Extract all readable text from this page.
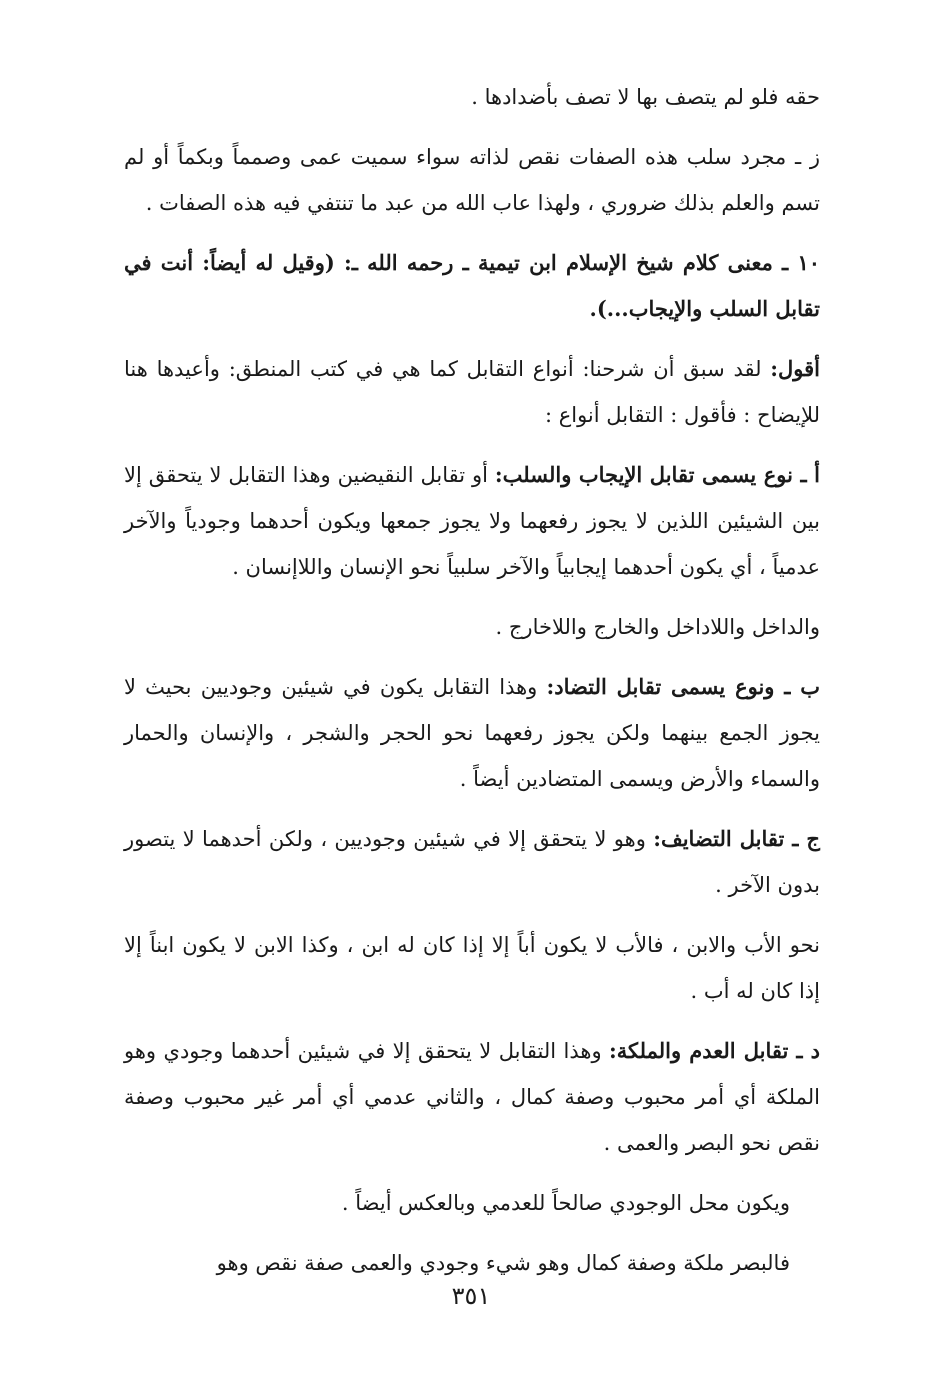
حقه فلو لم يتصف بها لا تصف بأضدادها .

ز ـ مجرد سلب هذه الصفات نقص لذاته سواء سميت عمى وصمماً وبكماً أو لم تسم والعلم بذلك ضروري ، ولهذا عاب الله من عبد ما تنتفي فيه هذه الصفات .

١٠ ـ معنى كلام شيخ الإسلام ابن تيمية ـ رحمه الله ـ: (وقيل له أيضاً: أنت في تقابل السلب والإيجاب...).

أقول: لقد سبق أن شرحنا: أنواع التقابل كما هي في كتب المنطق: وأعيدها هنا للإيضاح : فأقول : التقابل أنواع :

أ ـ نوع يسمى تقابل الإيجاب والسلب: أو تقابل النقيضين وهذا التقابل لا يتحقق إلا بين الشيئين اللذين لا يجوز رفعهما ولا يجوز جمعها ويكون أحدهما وجودياً والآخر عدمياً ، أي يكون أحدهما إيجابياً والآخر سلبياً نحو الإنسان واللاإنسان .

والداخل واللاداخل والخارج واللاخارج .

ب ـ ونوع يسمى تقابل التضاد: وهذا التقابل يكون في شيئين وجوديين بحيث لا يجوز الجمع بينهما ولكن يجوز رفعهما نحو الحجر والشجر ، والإنسان والحمار والسماء والأرض ويسمى المتضادين أيضاً .

ج ـ تقابل التضايف: وهو لا يتحقق إلا في شيئين وجوديين ، ولكن أحدهما لا يتصور بدون الآخر .

نحو الأب والابن ، فالأب لا يكون أباً إلا إذا كان له ابن ، وكذا الابن لا يكون ابناً إلا إذا كان له أب .

د ـ تقابل العدم والملكة: وهذا التقابل لا يتحقق إلا في شيئين أحدهما وجودي وهو الملكة أي أمر محبوب وصفة كمال ، والثاني عدمي أي أمر غير محبوب وصفة نقص نحو البصر والعمى .

ويكون محل الوجودي صالحاً للعدمي وبالعكس أيضاً .

فالبصر ملكة وصفة كمال وهو شيء وجودي والعمى صفة نقص وهو

٣٥١
